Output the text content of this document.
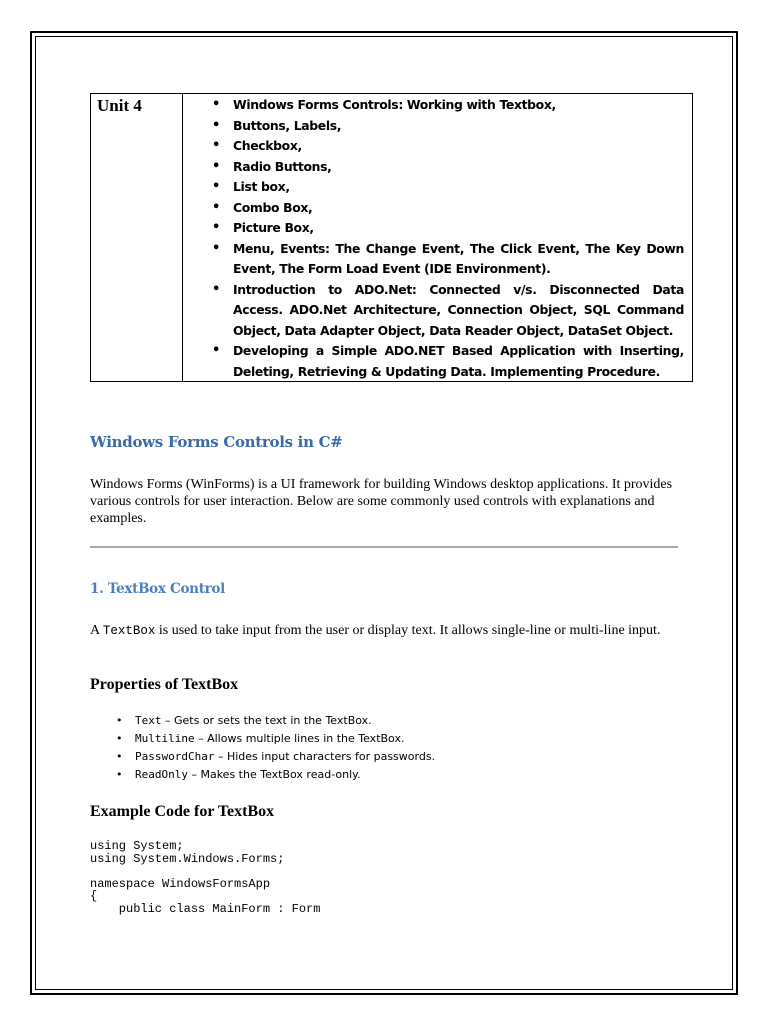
Unit 4
•	Windows Forms Controls: Working with Textbox,
• Buttons, Labels,
• Checkbox,
• Radio Buttons,
• List box,
• Combo Box,
• Picture Box,
• Menu, Events: The Change Event, The Click Event, The Key Down Event, The Form Load Event (IDE Environment).
• Introduction to ADO.Net: Connected v/s. Disconnected Data Access. ADO.Net Architecture, Connection Object, SQL Command Object, Data Adapter Object, Data Reader Object, DataSet Object.
• Developing a Simple ADO.NET Based Application with Inserting, Deleting, Retrieving & Updating Data. Implementing Procedure.
Windows Forms Controls in C#

Windows Forms (WinForms) is a UI framework for building Windows desktop applications. It provides various controls for user interaction. Below are some commonly used controls with explanations and examples.

1. TextBox Control

A TextBox is used to take input from the user or display text. It allows single-line or multi-line input.

Properties of TextBox
• Text – Gets or sets the text in the TextBox.
• Multiline – Allows multiple lines in the TextBox.
• PasswordChar – Hides input characters for passwords.
• ReadOnly – Makes the TextBox read-only.
Example Code for TextBox
using System;
using System.Windows.Forms;

namespace WindowsFormsApp
{
public class MainForm : Form
